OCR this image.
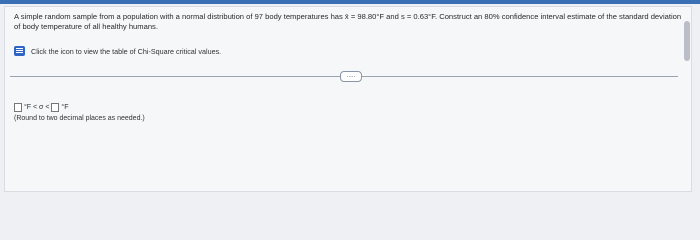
A simple random sample from a population with a normal distribution of 97 body temperatures has x̄ = 98.80°F and s = 0.63°F. Construct an 80% confidence interval estimate of the standard deviation of body temperature of all healthy humans.
Click the icon to view the table of Chi-Square critical values.
.....
°F < σ < °F
(Round to two decimal places as needed.)
